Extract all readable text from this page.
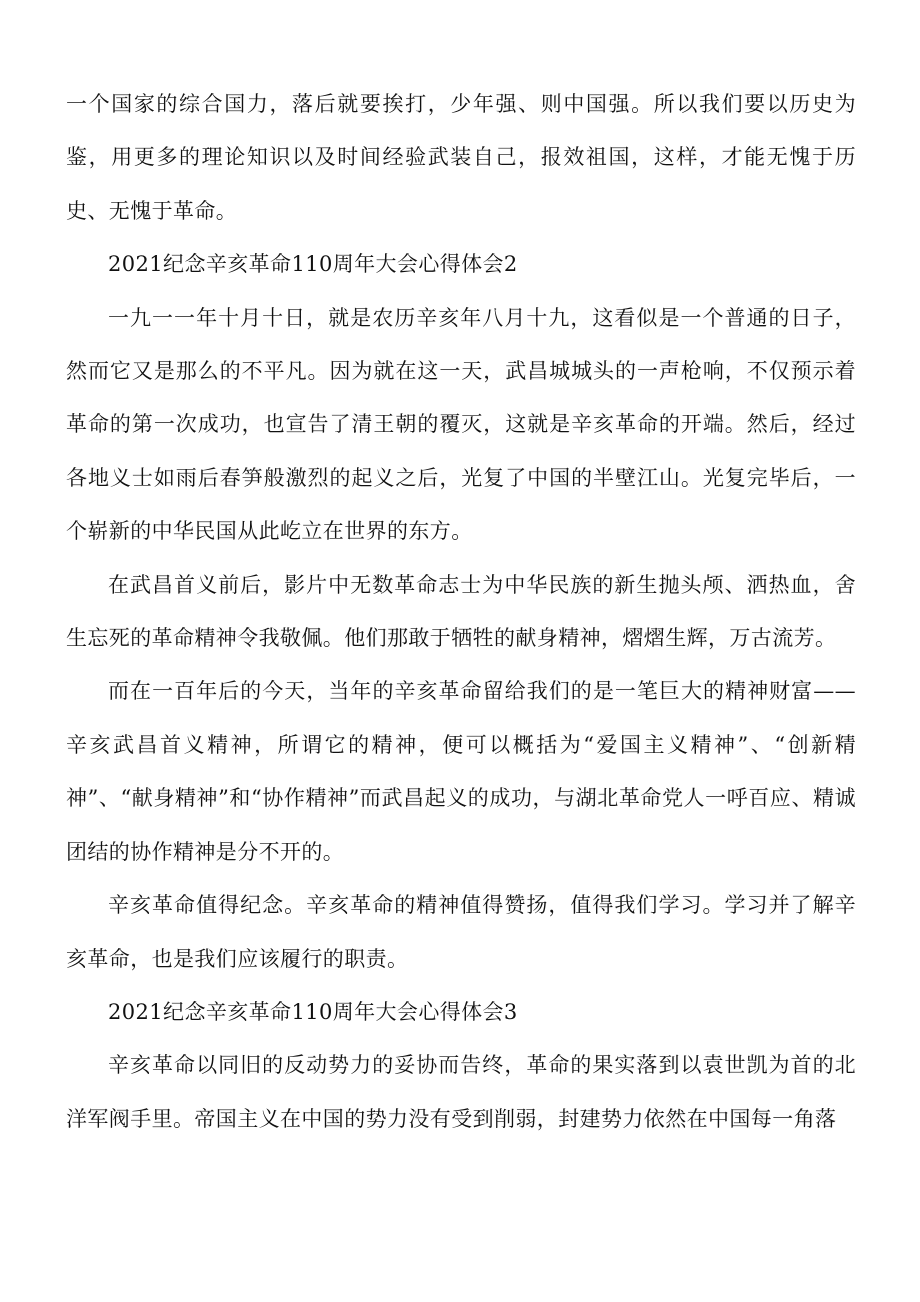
一个国家的综合国力，落后就要挨打，少年强、则中国强。所以我们要以历史为鉴，用更多的理论知识以及时间经验武装自己，报效祖国，这样，才能无愧于历史、无愧于革命。

2021纪念辛亥革命110周年大会心得体会2

一九一一年十月十日，就是农历辛亥年八月十九，这看似是一个普通的日子，然而它又是那么的不平凡。因为就在这一天，武昌城城头的一声枪响，不仅预示着革命的第一次成功，也宣告了清王朝的覆灭，这就是辛亥革命的开端。然后，经过各地义士如雨后春笋般激烈的起义之后，光复了中国的半壁江山。光复完毕后，一个崭新的中华民国从此屹立在世界的东方。

在武昌首义前后，影片中无数革命志士为中华民族的新生抛头颅、洒热血，舍生忘死的革命精神令我敬佩。他们那敢于牺牲的献身精神，熠熠生辉，万古流芳。

而在一百年后的今天，当年的辛亥革命留给我们的是一笔巨大的精神财富——辛亥武昌首义精神，所谓它的精神，便可以概括为“爱国主义精神”、“创新精神”、“献身精神”和“协作精神”而武昌起义的成功，与湖北革命党人一呼百应、精诚团结的协作精神是分不开的。

辛亥革命值得纪念。辛亥革命的精神值得赞扬，值得我们学习。学习并了解辛亥革命，也是我们应该履行的职责。

2021纪念辛亥革命110周年大会心得体会3

辛亥革命以同旧的反动势力的妥协而告终，革命的果实落到以袁世凯为首的北洋军阀手里。帝国主义在中国的势力没有受到削弱，封建势力依然在中国每一角落
